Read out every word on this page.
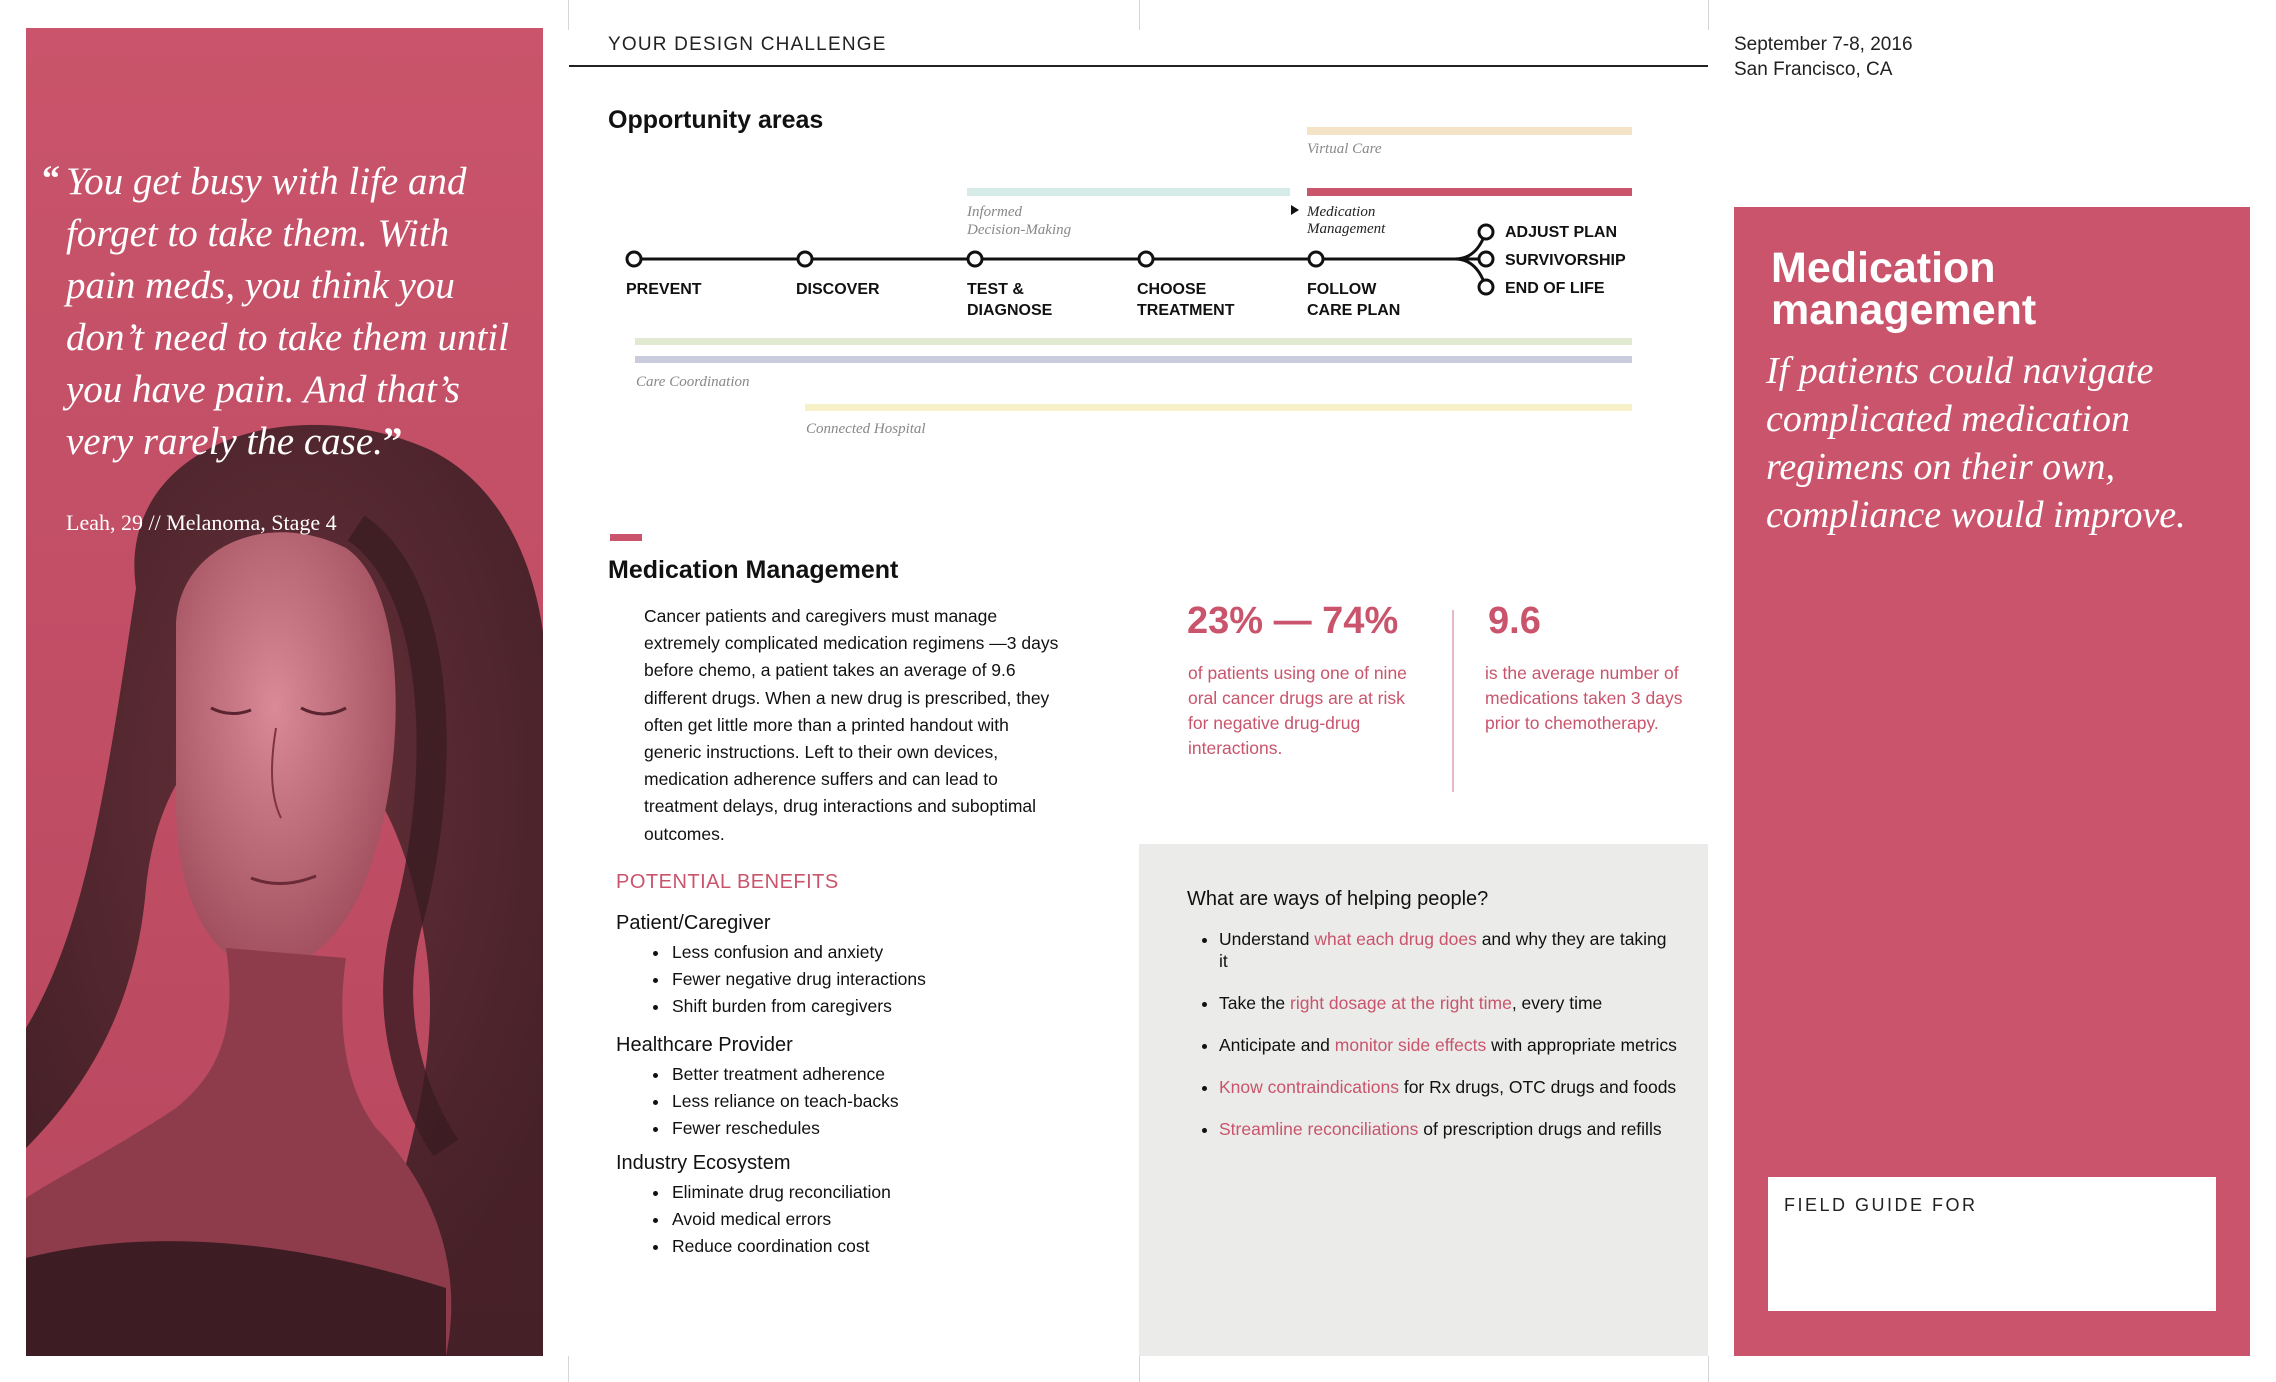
“ You get busy with life and forget to take them. With pain meds, you think you don’t need to take them until you have pain. And that’s very rarely the case.”

Leah, 29 // Melanoma, Stage 4
YOUR DESIGN CHALLENGE
Opportunity areas
Virtual Care
Informed
Decision-Making
Medication
Management
PREVENT	DISCOVER	TEST &
DIAGNOSE
CHOOSE
TREATMENT
FOLLOW
CARE PLAN
ADJUST PLAN
SURVIVORSHIP
END OF LIFE
Care Coordination
Connected Hospital
Medication Management
Cancer patients and caregivers must manage extremely complicated medication regimens —3 days before chemo, a patient takes an average of 9.6 different drugs. When a new drug is prescribed, they often get little more than a printed handout with generic instructions. Left to their own devices, medication adherence suffers and can lead to treatment delays, drug interactions and suboptimal outcomes.
POTENTIAL BENEFITS

Patient/Caregiver

• Less confusion and anxiety
• Fewer negative drug interactions
• Shift burden from caregivers

Healthcare Provider

• Better treatment adherence
• Less reliance on teach-backs
• Fewer reschedules

Industry Ecosystem

• Eliminate drug reconciliation
• Avoid medical errors
• Reduce coordination cost
23% — 74%
of patients using one of nine oral cancer drugs are at risk for negative drug-drug interactions.
9.6
is the average number of medications taken 3 days prior to chemotherapy.
What are ways of helping people?
• Understand what each drug does and why they are taking it
• Take the right dosage at the right time, every time
• Anticipate and monitor side effects with appropriate metrics
• Know contraindications for Rx drugs, OTC drugs and foods
• Streamline reconciliations of prescription drugs and refills
September 7-8, 2016
San Francisco, CA
Medication
management
If patients could navigate complicated medication regimens on their own, compliance would improve.
FIELD GUIDE FOR
